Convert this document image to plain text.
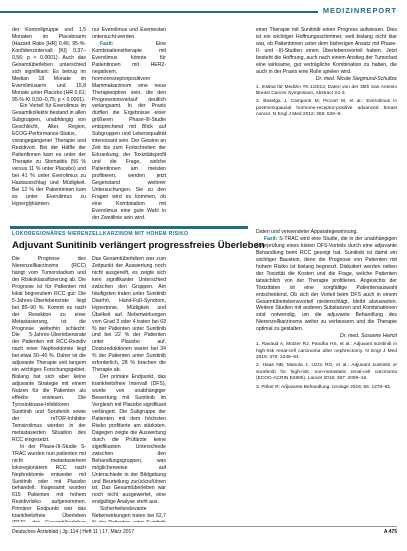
MEDIZINREPORT

der Kontrollgruppe und 1,5 Monaten im Placeboarm (Hazard Ratio [HR] 0,46; 95-%-Konfidenzintervall [KI] 0,37–0,56; p < 0,0001). Auch das Gesamtüberleben unterschied sich signifikant: Es betrug im Median 18 Monate im Everolimusarm und 15,8 Monate unter Placebo (HR 0,61; 95-%-KI 0,50–0,75; p < 0,0001).

Ein Vorteil für Everolimus im Gesamtkollektiv bestand in allen Subgruppen, unabhängig von Geschlecht, Alter, Region, ECOG-Performance-Status, vorangegangener Therapie und Rezidivort. Bei der Hälfte der Patientinnen kam es unter der Therapie zu Stomatitis (56 % versus 11 % unter Placebo) und bei 41 % unter Everolimus zu Hautausschlag und Müdigkeit. Bei 12 % der Patientinnen kam es unter Everolimus zu Hyperglykämien.

nur Everolimus und Exemestan untersucht werden.

Fazit:	Eine Kombinationstherapie mit Everolimus könnte für Patientinnen mit HER2-negativem, hormonrezeptorpositivem Mammakarzinom eine neue Therapieoption sein, die den Progressionsverlauf deutlich verlangsamt. In der Praxis dürften die Ergebnisse einer größeren Phase-III-Studie entsprechend mit Blick auf Subgruppen und Lebensqualität interessant sein. Der Gewinn an Zeit bis zum Fortschreiten der Erkrankung, der Toxizitätsprofil und die Frage, welche Patientinnen am meisten profitieren, werden jetzt Gegenstand weiterer Untersuchungen. Sie zu den Fragen wird es kommen, ob eine Kombination mit Everolimus eine gute Wahl in der Zweitlinie sein wird.

LOKOREGIONÄRES NIERENZELLKARZINOM MIT HOHEM RISIKO
Adjuvant Sunitinib verlängert progressfreies Überleben

Die Prognose des Nierenzellkarzinoms (RCC) hängt vom Tumorstadium und der Risikoklassifizierung ab. Die Prognose ist für Patienten mit lokal begrenztem RCC gut: Die 5-Jahres-Überlebensrate liegt bei 85–90 %. Kommt es nach der Resektion zu einer Metastasierung, ist die Prognose weiterhin schlecht: Die 5-Jahres-Überlebensrate der Patienten mit RCC-Rezidiv nach einer Nephrektomie liegt bei etwa 30–40 %. Daher ist die adjuvante Therapie seit langem ein wichtiges Forschungsgebiet. Bislang hat sich aber keine adjuvante Strategie mit einem Nutzen für die Patienten als effektiv erwiesen. Die Tyrosinkinase-Inhibitoren Sunitinib und Sorafenib sowie der mTOR-Inhibitor Temsirolimus werden in der metastasierten Situation des RCC eingesetzt.

In der Phase-III-Studie S-TRAC wurden nun patienten mit nicht metastasiertem lokoregionärem RCC nach Nephrektomie entweder mit Sunitinib oder mit Placebo behandelt. Insgesamt wurden 615 Patienten mit hohem Rezidivrisiko aufgenommen. Primärer Endpunkt war das krankheitsfreie Überleben

Das Gesamtüberleben war zum Zeitpunkt der Auswertung noch nicht ausgereift, es zeigte sich kein signifikanter Unterschied zwischen den Gruppen. Am häufigsten traten unter Sunitinib Diarrhö, Hand-Fuß-Syndrom, Hypertonie, Müdigkeit und Übelkeit auf. Nebenwirkungen vom Grad 3 oder 4 traten bei 63 % der Patienten unter Sunitinib und bei 22 % der Patienten unter Placebo auf. Dosisreduktionen waren bei 34 % der Patienten unter Sunitinib erforderlich, 28 % brachen die Therapie ab.

Der primäre Endpunkt, das krankheitsfreie Intervall (DFS), wurde von unabhängiger Bewertung mit Sunitinib im Vergleich mit Placebo signifikant verlängert. Die Subgruppe der Patienten mit dem höchsten Risiko profitierte am stärksten. Dagegen zeigte die Auswertung durch die Prüfärzte keine signifikanten Unterschiede zwischen den Behandlungsgruppen, was möglicherweise auf Unterschiede in der Bildgebung und Beurteilung zurückzuführen ist. Das Gesamtüberleben war noch nicht ausgewertet, eine endgültige Analyse steht aus.

Sicherheitsrelevante Nebenwirkungen traten bei 62,7

Daten und verwendeter Apparategewinnung.

Fazit: S-TRAC wird eine Studie, die in der unabhängigen Überprüfung eines klaren DFS-Vorteils durch eine adjuvante Behandlung beim RCC gezeigt hat. Sunitinib ist damit ein wichtiger Baustein, denn die Prognose von Patienten mit hohem Risiko ist bislang begrenzt. Diskutiert werden neben der Toxizität die Kosten und die Frage, welche Patienten tatsächlich von der Therapie profitieren. Angesichts der Toxizitäten ist eine sorgfältige Patientenauswahl entscheidend. Ob sich der Vorteil beim DFS auch in einem Gesamtüberlebensvorteil niederschlägt, bleibt abzuwarten. Weitere Studien mit anderen Substanzen und Kombinationen sind notwendig, um die adjuvante Behandlung des Nierenzellkarzinoms weiter zu verbessern und die Therapie optimal zu gestalten.

Dr. med. Susanne Heinzl

1. Ravaud A, Motzer RJ, Pandha HS, et al.: Adjuvant sunitinib in high-risk renal-cell carcinoma after nephrectomy. N Engl J Med 2016; 375: 2246–54.

2. Haas NB, Manola J, Uzzo RG, et al.: Adjuvant sunitinib or sorafenib for high-risk, non-metastatic renal-cell carcinoma (ECOG-ACRIN E2805). Lancet 2016; 387: 2008–16.

3. Pirker R: Adjuvante Behandlung. Urologe 2016; 55: 1276–81.

einer Therapie mit Sunitinib einen Progress aufwiesen. Dies ist ein wichtiger Hoffnungsschimmer, weil bislang nicht klar war, ob Patientinnen unter dem bisherigen Ansatz mit Phase-II- und -III-Studien einen Überlebensvorteil haben. Jetzt besteht die Hoffnung, auch nach einem Anstieg der Tumorlast eine wirksame, gut verträgliche Kombination zu haben, die auch in der Praxis eine Rolle spielen wird.

Dr. med. Nicole Siegmund-Schultze

1. Institut für Medizin TK 1/2012; Daten von der 35th San Antonio Breast Cancer Symposium, Abstract S1-3.

2. Baselga J, Campone M, Piccart M, et al.: Everolimus in postmenopausal hormone-receptor-positive advanced breast cancer. N Engl J Med 2012; 366: 520–9.

Deutsches Ärzteblatt | Jg. 114 | Heft 11 | 17. März 2017	A 475
